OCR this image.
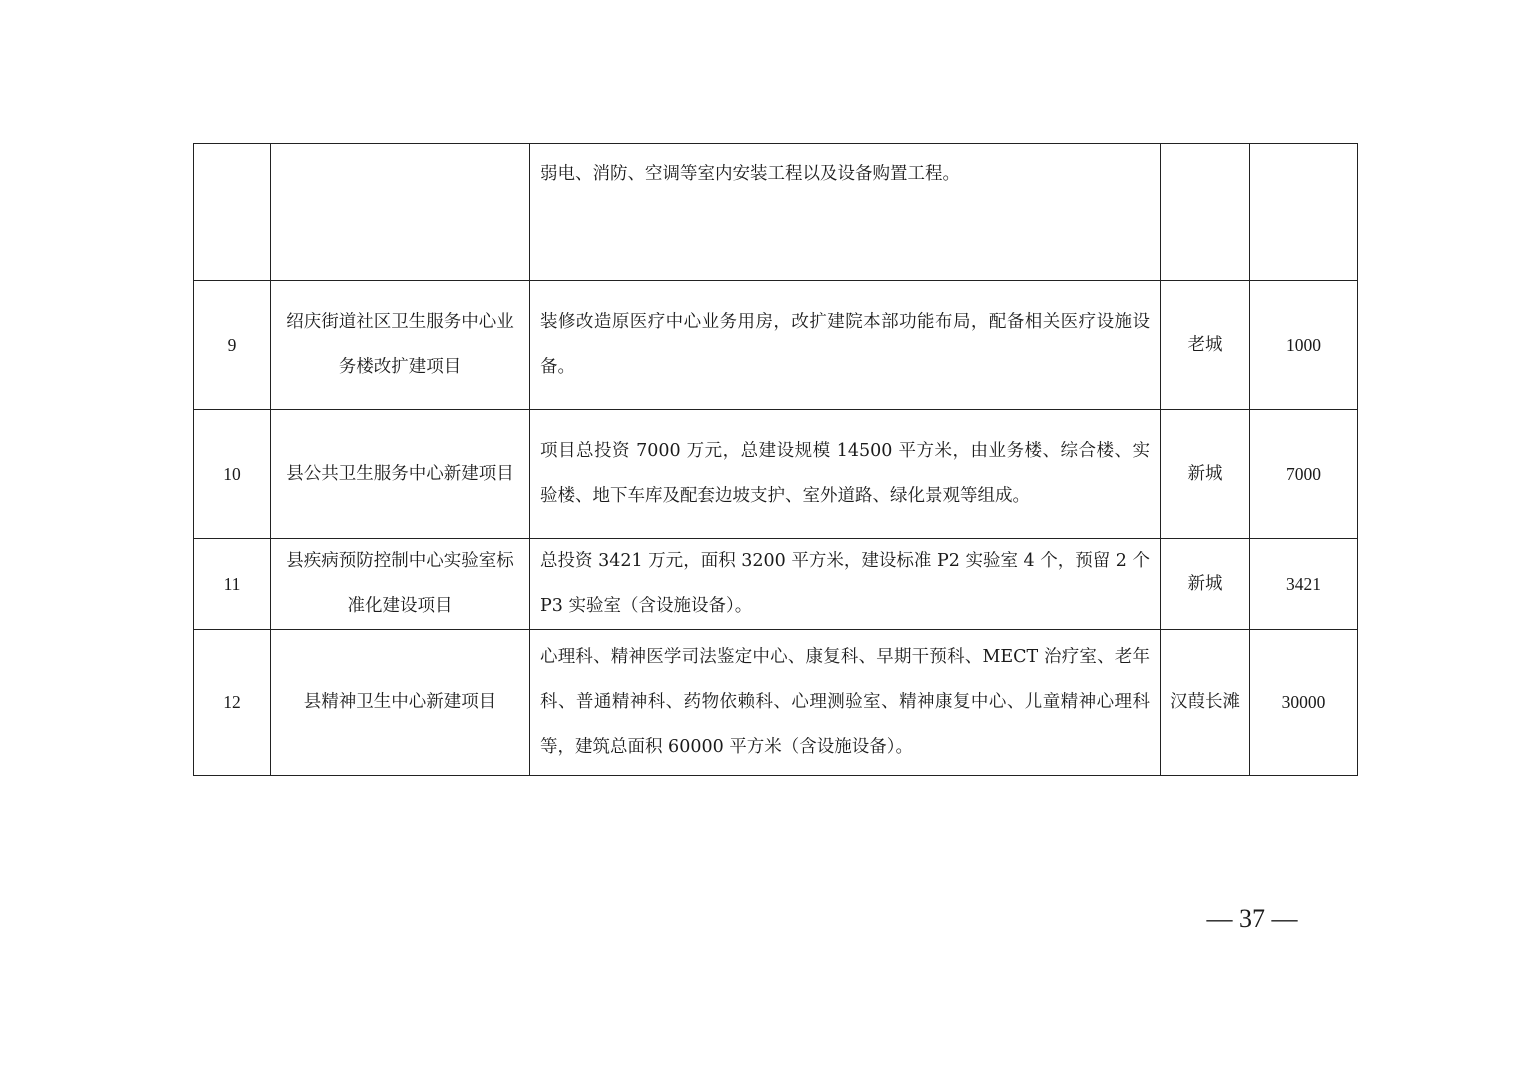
		弱电、消防、空调等室内安装工程以及设备购置工程。		
9	绍庆街道社区卫生服务中心业务楼改扩建项目	装修改造原医疗中心业务用房，改扩建院本部功能布局，配备相关医疗设施设备。	老城	1000
10	县公共卫生服务中心新建项目	项目总投资 7000 万元，总建设规模 14500 平方米，由业务楼、综合楼、实验楼、地下车库及配套边坡支护、室外道路、绿化景观等组成。	新城	7000
11	县疾病预防控制中心实验室标准化建设项目	总投资 3421 万元，面积 3200 平方米，建设标准 P2 实验室 4 个，预留 2 个 P3 实验室（含设施设备）。	新城	3421
12	县精神卫生中心新建项目	心理科、精神医学司法鉴定中心、康复科、早期干预科、MECT 治疗室、老年科、普通精神科、药物依赖科、心理测验室、精神康复中心、儿童精神心理科等，建筑总面积 60000 平方米（含设施设备）。	汉葭长滩	30000
— 37 —
